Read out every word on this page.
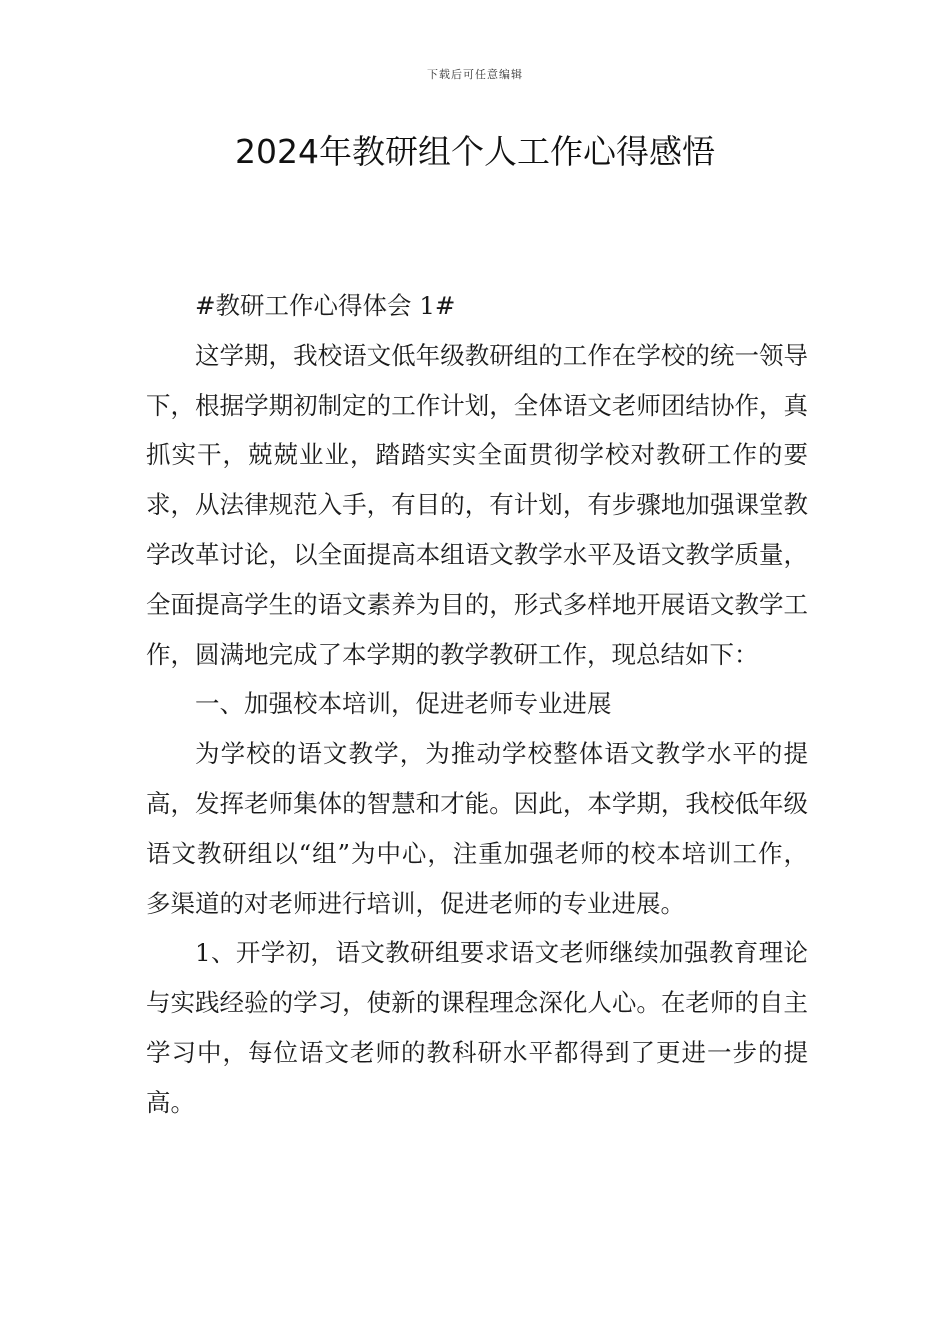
下载后可任意编辑
2024年教研组个人工作心得感悟

#教研工作心得体会 1#

这学期，我校语文低年级教研组的工作在学校的统一领导下，根据学期初制定的工作计划，全体语文老师团结协作，真抓实干，兢兢业业，踏踏实实全面贯彻学校对教研工作的要求，从法律规范入手，有目的，有计划，有步骤地加强课堂教学改革讨论，以全面提高本组语文教学水平及语文教学质量，全面提高学生的语文素养为目的，形式多样地开展语文教学工作，圆满地完成了本学期的教学教研工作，现总结如下：

一、加强校本培训，促进老师专业进展

为学校的语文教学，为推动学校整体语文教学水平的提高，发挥老师集体的智慧和才能。因此，本学期，我校低年级语文教研组以“组”为中心，注重加强老师的校本培训工作，多渠道的对老师进行培训，促进老师的专业进展。

1、开学初，语文教研组要求语文老师继续加强教育理论与实践经验的学习，使新的课程理念深化人心。在老师的自主学习中，每位语文老师的教科研水平都得到了更进一步的提高。
